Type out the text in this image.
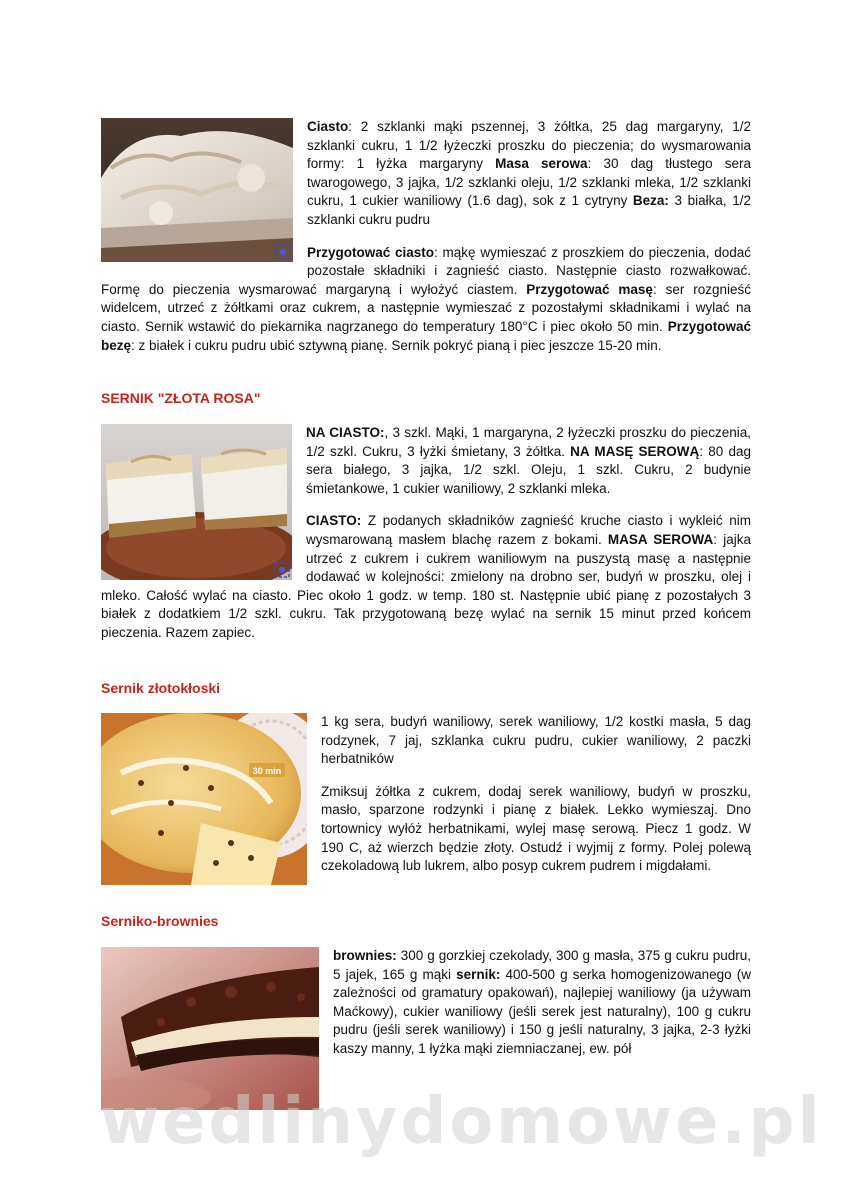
Ciasto: 2 szklanki mąki pszennej, 3 żółtka, 25 dag margaryny, 1/2 szklanki cukru, 1 1/2 łyżeczki proszku do pieczenia; do wysmarowania formy: 1 łyżka margaryny Masa serowa: 30 dag tłustego sera twarogowego, 3 jajka, 1/2 szklanki oleju, 1/2 szklanki mleka, 1/2 szklanki cukru, 1 cukier waniliowy (1.6 dag), sok z 1 cytryny Beza: 3 białka, 1/2 szklanki cukru pudru

Przygotować ciasto: mąkę wymieszać z proszkiem do pieczenia, dodać pozostałe składniki i zagnieść ciasto. Następnie ciasto rozwałkować. Formę do pieczenia wysmarować margaryną i wyłożyć ciastem. Przygotować masę: ser rozgnieść widelcem, utrzeć z żółtkami oraz cukrem, a następnie wymieszać z pozostałymi składnikami i wylać na ciasto. Sernik wstawić do piekarnika nagrzanego do temperatury 180°C i piec około 50 min. Przygotować bezę: z białek i cukru pudru ubić sztywną pianę. Sernik pokryć pianą i piec jeszcze 15-20 min.

SERNIK "ZŁOTA ROSA"

NA CIASTO:, 3 szkl. Mąki, 1 margaryna, 2 łyżeczki proszku do pieczenia, 1/2 szkl. Cukru, 3 łyżki śmietany, 3 żółtka. NA MASĘ SEROWĄ: 80 dag sera białego, 3 jajka, 1/2 szkl. Oleju, 1 szkl. Cukru, 2 budynie śmietankowe, 1 cukier waniliowy, 2 szklanki mleka.

CIASTO: Z podanych składników zagnieść kruche ciasto i wykleić nim wysmarowaną masłem blachę razem z bokami. MASA SEROWA: jajka utrzeć z cukrem i cukrem waniliowym na puszystą masę a następnie dodawać w kolejności: zmielony na drobno ser, budyń w proszku, olej i mleko. Całość wylać na ciasto. Piec około 1 godz. w temp. 180 st. Następnie ubić pianę z pozostałych 3 białek z dodatkiem 1/2 szkl. cukru. Tak przygotowaną bezę wylać na sernik 15 minut przed końcem pieczenia. Razem zapiec.

Sernik złotokłoski
30 min

1 kg sera, budyń waniliowy, serek waniliowy, 1/2 kostki masła, 5 dag rodzynek, 7 jaj, szklanka cukru pudru, cukier waniliowy, 2 paczki herbatników

Zmiksuj żółtka z cukrem, dodaj serek waniliowy, budyń w proszku, masło, sparzone rodzynki i pianę z białek. Lekko wymieszaj. Dno tortownicy wyłóż herbatnikami, wylej masę serową. Piecz 1 godz. W 190 C, aż wierzch będzie złoty. Ostudź i wyjmij z formy. Polej polewą czekoladową lub lukrem, albo posyp cukrem pudrem i migdałami.

Serniko-brownies

brownies: 300 g gorzkiej czekolady, 300 g masła, 375 g cukru pudru, 5 jajek, 165 g mąki sernik: 400-500 g serka homogenizowanego (w zależności od gramatury opakowań), najlepiej waniliowy (ja używam Maćkowy), cukier waniliowy (jeśli serek jest naturalny), 100 g cukru pudru (jeśli serek waniliowy) i 150 g jeśli naturalny, 3 jajka, 2-3 łyżki kaszy manny, 1 łyżka mąki ziemniaczanej, ew. pół

wedlinydomowe.pl
